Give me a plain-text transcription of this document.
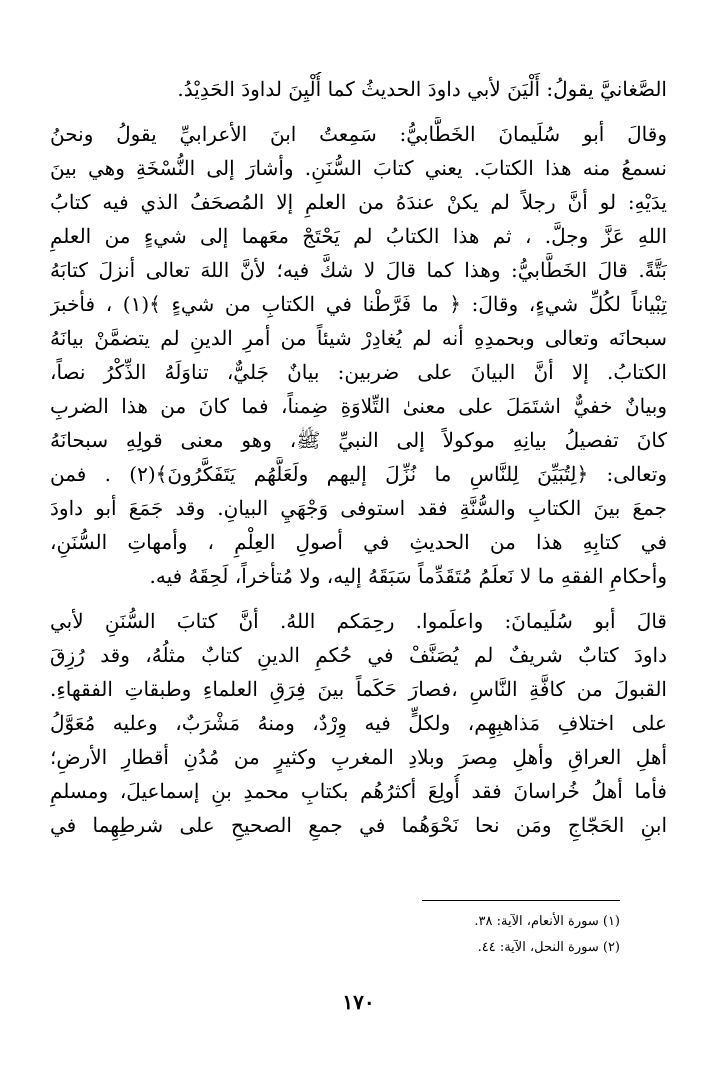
الصَّغانيَّ يقولُ: أَلْيَنَ لأبي داودَ الحديثُ كما أُلْيِنَ لداودَ الحَدِيْدُ.
وقالَ أبو سُلَيمانَ الخَطَّابيُّ: سَمِعتُ ابنَ الأعرابيِّ يقولُ ونحنُ
نسمعُ منه هذا الكتابَ. يعني كتابَ السُّنَنِ. وأشارَ إلى النُّسْخَةِ وهي بينَ
يدَيْهِ: لو أنَّ رجلاً لم يكنْ عندَهُ من العلمِ إلا المُصحَفُ الذي فيه كتابُ
اللهِ عَزَّ وجلَّ. ، ثم هذا الكتابُ لم يَحْتَجْ معَهما إلى شيءٍ من العلمِ
بَتَّةً. قالَ الخَطَّابيُّ: وهذا كما قالَ لا شكَّ فيه؛ لأنَّ اللهَ تعالى أنزلَ كتابَهُ
تِبْياناً لكُلِّ شيءٍ، وقالَ: ﴿ ما فَرَّطْنا في الكتابِ من شيءٍ ﴾(١) ، فأخبرَ
سبحانَه وتعالى وبحمدِهِ أنه لم يُغادِرْ شيئاً من أمرِ الدينِ لم يتضمَّنْ بيانَهُ
الكتابُ. إلا أنَّ البيانَ على ضربين: بيانٌ جَليٌّ، تناوَلَهُ الذِّكْرُ نصاً،
وبيانٌ خفيٌّ اشتَمَلَ على معنىٰ التِّلاوَةِ ضِمناً، فما كانَ من هذا الضربِ
كانَ تفصيلُ بيانِهِ موكولاً إلى النبيِّ ﷺ، وهو معنى قولِهِ سبحانَهُ
وتعالى: ﴿لِتُبَيِّنَ لِلنَّاسِ ما نُزِّلَ إليهم ولَعَلَّهُم يَتَفَكَّرُونَ﴾(٢) . فمن
جمعَ بينَ الكتابِ والسُّنَّةِ فقد استوفى وَجْهَيِ البيانِ. وقد جَمَعَ أبو داودَ
في كتابِهِ هذا من الحديثِ في أصولِ العِلْمِ ، وأمهاتِ السُّنَنِ،
وأحكامِ الفقهِ ما لا نَعلَمُ مُتَقَدِّماً سَبَقَهُ إليه، ولا مُتأخراً، لَحِقَهُ فيه.
قالَ أبو سُلَيمانَ: واعلَموا. رحِمَكم اللهُ. أنَّ كتابَ السُّنَنِ لأبي
داودَ كتابٌ شريفٌ لم يُصَنَّفْ في حُكمِ الدينِ كتابٌ مثلُهُ، وقد رُزِقَ
القبولَ من كافَّةِ النَّاسِ ،فصارَ حَكَماً بينَ فِرَقِ العلماءِ وطبقاتِ الفقهاءِ.
على اختلافِ مَذاهبِهِم، ولكلٍّ فيه وِرْدٌ، ومنهُ مَشْرَبٌ، وعليه مُعَوَّلُ
أهلِ العراقِ وأهلِ مِصرَ وبلادِ المغربِ وكثيرٍ من مُدُنِ أقطارِ الأرضِ؛
فأما أهلُ خُراسانَ فقد أُولِعَ أكثرُهُم بكتابِ محمدِ بنِ إسماعيلَ، ومسلمِ
ابنِ الحَجّاجِ ومَن نحا نَحْوَهُما في جمعِ الصحيحِ على شرطِهِما في
(١) سورة الأنعام، الآية: ٣٨.
(٢) سورة النحل، الآية: ٤٤.
١٧٠
